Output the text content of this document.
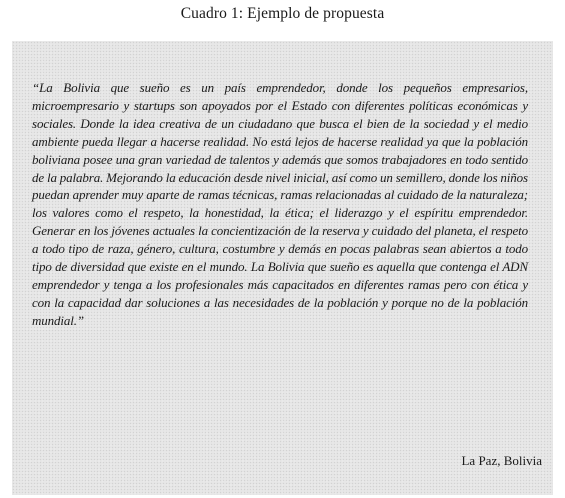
Cuadro 1: Ejemplo de propuesta

“La Bolivia que sueño es un país emprendedor, donde los pequeños empresarios, microempresario y startups son apoyados por el Estado con diferentes políticas económicas y sociales. Donde la idea creativa de un ciudadano que busca el bien de la sociedad y el medio ambiente pueda llegar a hacerse realidad. No está lejos de hacerse realidad ya que la población boliviana posee una gran variedad de talentos y además que somos trabajadores en todo sentido de la palabra. Mejorando la educación desde nivel inicial, así como un semillero, donde los niños puedan aprender muy aparte de ramas técnicas, ramas relacionadas al cuidado de la naturaleza; los valores como el respeto, la honestidad, la ética; el liderazgo y el espíritu emprendedor. Generar en los jóvenes actuales la concientización de la reserva y cuidado del planeta, el respeto a todo tipo de raza, género, cultura, costumbre y demás en pocas palabras sean abiertos a todo tipo de diversidad que existe en el mundo. La Bolivia que sueño es aquella que contenga el ADN emprendedor y tenga a los profesionales más capacitados en diferentes ramas pero con ética y con la capacidad dar soluciones a las necesidades de la población y porque no de la población mundial.”

La Paz, Bolivia
